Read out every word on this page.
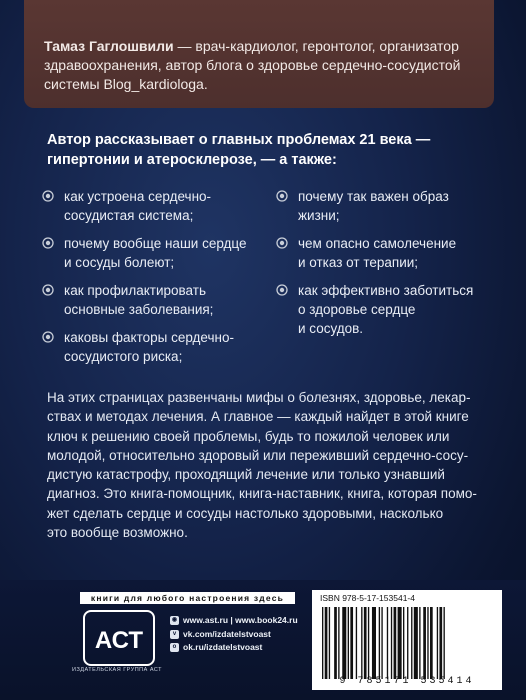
Тамаз Гаглошвили — врач-кардиолог, геронтолог, организатор
здравоохранения, автор блога о здоровье сердечно-сосудистой
системы Blog_kardiologa.
Автор рассказывает о главных проблемах 21 века —
гипертонии и атеросклерозе, — а также:
как устроена сердечно-
сосудистая система;
почему вообще наши сердце
и сосуды болеют;
как профилактировать
основные заболевания;
каковы факторы сердечно-
сосудистого риска;
почему так важен образ
жизни;
чем опасно самолечение
и отказ от терапии;
как эффективно заботиться
о здоровье сердце
и сосудов.
На этих страницах развенчаны мифы о болезнях, здоровье, лекар-
ствах и методах лечения. А главное — каждый найдет в этой книге
ключ к решению своей проблемы, будь то пожилой человек или
молодой, относительно здоровый или переживший сердечно-сосу-
дистую катастрофу, проходящий лечение или только узнавший
диагноз. Это книга-помощник, книга-наставник, книга, которая помо-
жет сделать сердце и сосуды настолько здоровыми, насколько
это вообще возможно.
книги для любого настроения здесь
АСТ
ИЗДАТЕЛЬСКАЯ ГРУППА АСТ
◉ www.ast.ru | www.book24.ru
v vk.com/izdatelstvoast
o ok.ru/izdatelstvoast
ISBN 978-5-17-153541-4
9 785171 535414
